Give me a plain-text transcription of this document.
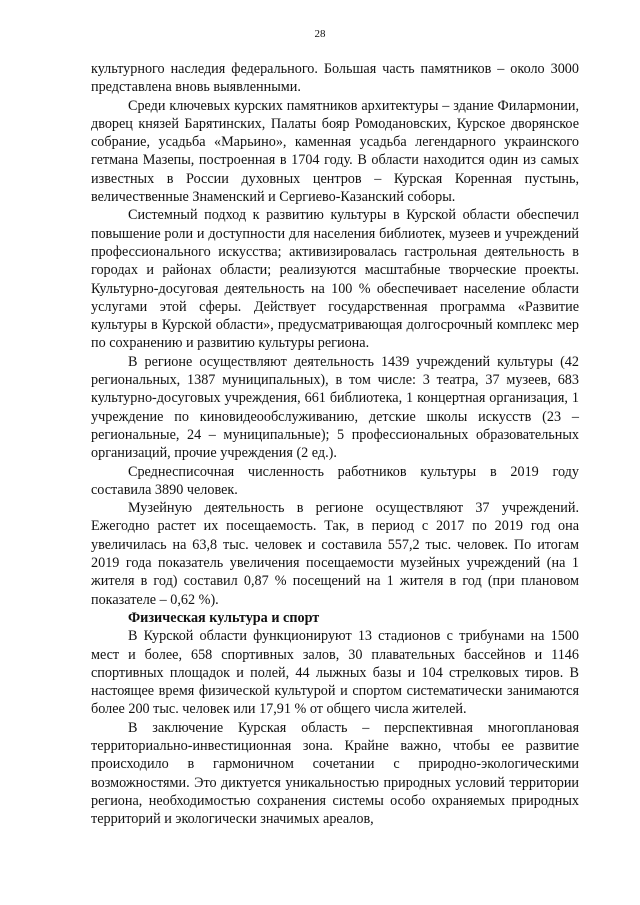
28

культурного наследия федерального. Большая часть памятников – около 3000 представлена вновь выявленными.

Среди ключевых курских памятников архитектуры – здание Филармонии, дворец князей Барятинских, Палаты бояр Ромодановских, Курское дворянское собрание, усадьба «Марьино», каменная усадьба легендарного украинского гетмана Мазепы, построенная в 1704 году. В области находится один из самых известных в России духовных центров – Курская Коренная пустынь, величественные Знаменский и Сергиево-Казанский соборы.

Системный подход к развитию культуры в Курской области обеспечил повышение роли и доступности для населения библиотек, музеев и учреждений профессионального искусства; активизировалась гастрольная деятельность в городах и районах области; реализуются масштабные творческие проекты. Культурно-досуговая деятельность на 100 % обеспечивает население области услугами этой сферы. Действует государственная программа «Развитие культуры в Курской области», предусматривающая долгосрочный комплекс мер по сохранению и развитию культуры региона.

В регионе осуществляют деятельность 1439 учреждений культуры (42 региональных, 1387 муниципальных), в том числе: 3 театра, 37 музеев, 683 культурно-досуговых учреждения, 661 библиотека, 1 концертная организация, 1 учреждение по киновидеообслуживанию, детские школы искусств (23 – региональные, 24 – муниципальные); 5 профессиональных образовательных организаций, прочие учреждения (2 ед.).

Среднесписочная численность работников культуры в 2019 году составила 3890 человек.

Музейную деятельность в регионе осуществляют 37 учреждений. Ежегодно растет их посещаемость. Так, в период с 2017 по 2019 год она увеличилась на 63,8 тыс. человек и составила 557,2 тыс. человек. По итогам 2019 года показатель увеличения посещаемости музейных учреждений (на 1 жителя в год) составил 0,87 % посещений на 1 жителя в год (при плановом показателе – 0,62 %).

Физическая культура и спорт

В Курской области функционируют 13 стадионов с трибунами на 1500 мест и более, 658 спортивных залов, 30 плавательных бассейнов и 1146 спортивных площадок и полей, 44 лыжных базы и 104 стрелковых тиров. В настоящее время физической культурой и спортом систематически занимаются более 200 тыс. человек или 17,91 % от общего числа жителей.

В заключение Курская область – перспективная многоплановая территориально-инвестиционная зона. Крайне важно, чтобы ее развитие происходило в гармоничном сочетании с природно-экологическими возможностями. Это диктуется уникальностью природных условий территории региона, необходимостью сохранения системы особо охраняемых природных территорий и экологически значимых ареалов,
